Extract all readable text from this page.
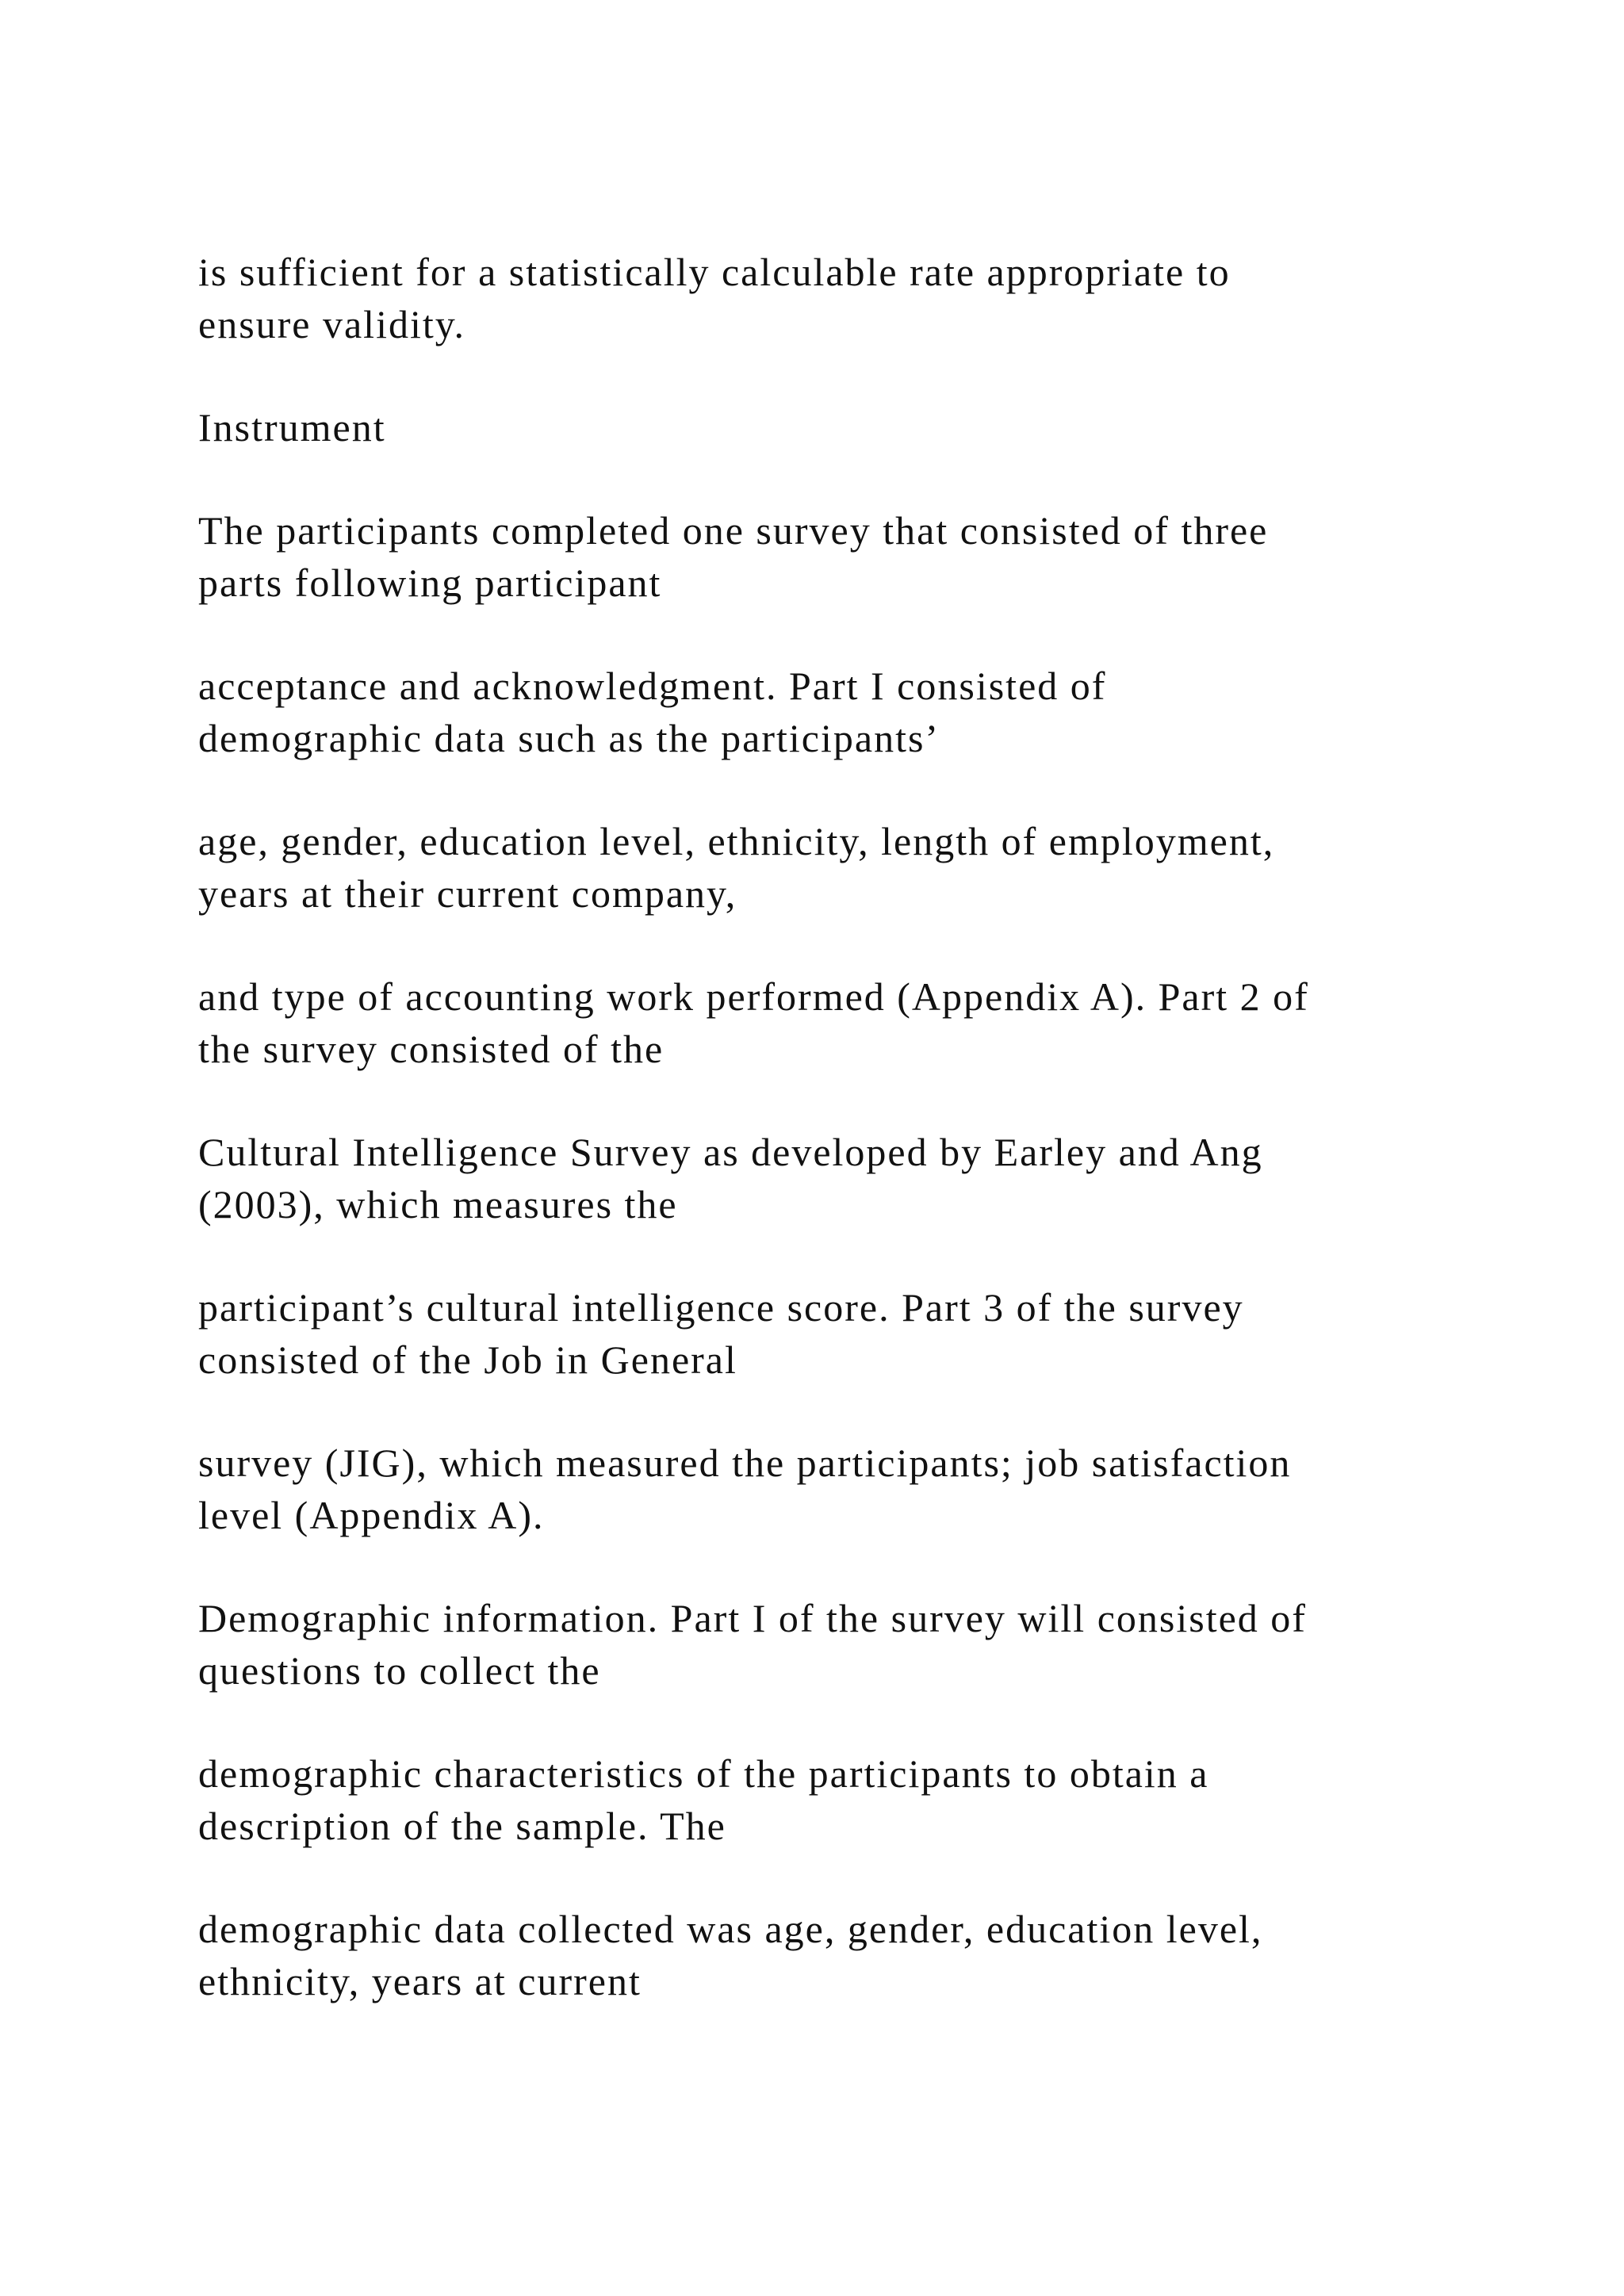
is sufficient for a statistically calculable rate appropriate to
ensure validity.

Instrument

The participants completed one survey that consisted of three
parts following participant

acceptance and acknowledgment. Part I consisted of
demographic data such as the participants’

age, gender, education level, ethnicity, length of employment,
years at their current company,

and type of accounting work performed (Appendix A). Part 2 of
the survey consisted of the

Cultural Intelligence Survey as developed by Earley and Ang
(2003), which measures the

participant’s cultural intelligence score. Part 3 of the survey
consisted of the Job in General

survey (JIG), which measured the participants; job satisfaction
level (Appendix A).

Demographic information. Part I of the survey will consisted of
questions to collect the

demographic characteristics of the participants to obtain a
description of the sample. The

demographic data collected was age, gender, education level,
ethnicity, years at current
